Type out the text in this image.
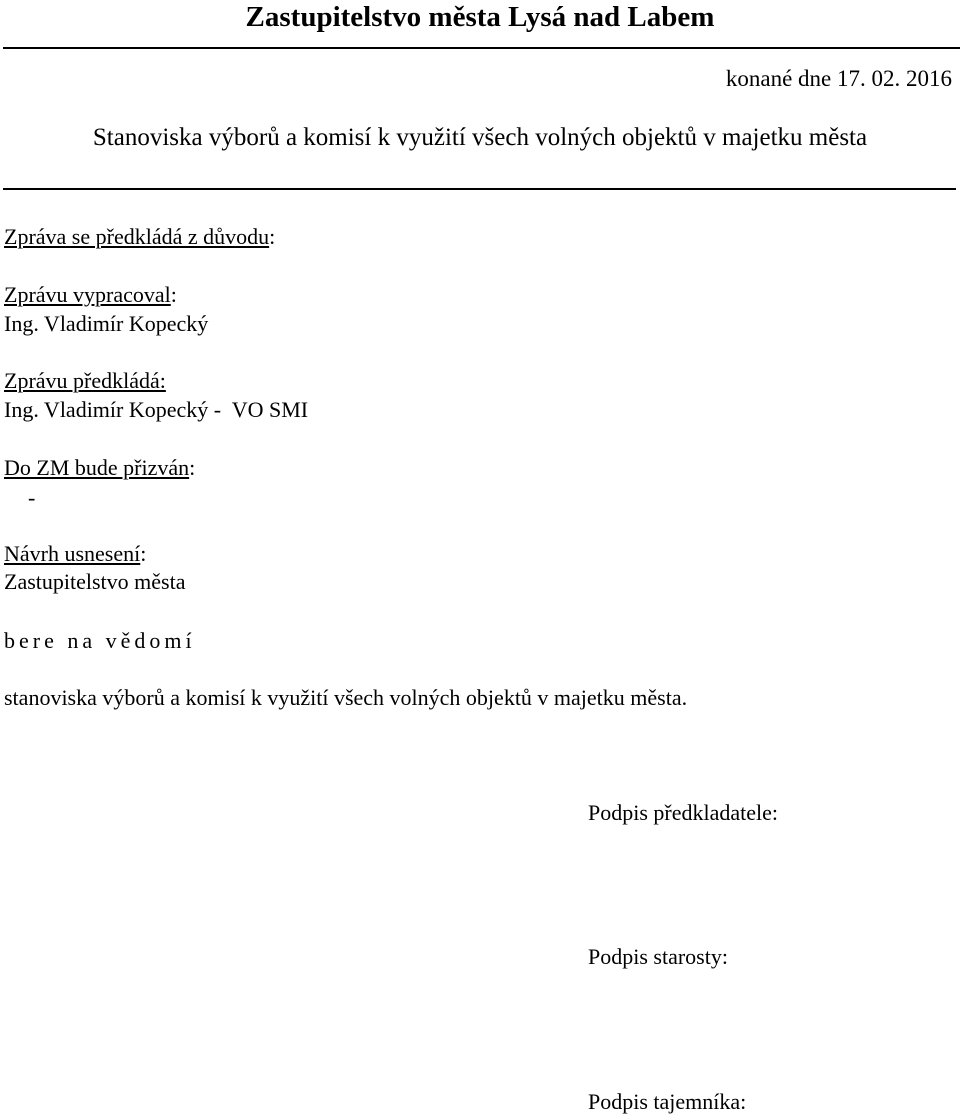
Zastupitelstvo města Lysá nad Labem
konané dne 17. 02. 2016
Stanoviska výborů a komisí k využití všech volných objektů v majetku města
Zpráva se předkládá z důvodu:
Zprávu vypracoval:
Ing. Vladimír Kopecký
Zprávu předkládá:
Ing. Vladimír Kopecký -  VO SMI
Do ZM bude přizván:
-
Návrh usnesení:
Zastupitelstvo města
bere na vědomí
stanoviska výborů a komisí k využití všech volných objektů v majetku města.
Podpis předkladatele:
Podpis starosty:
Podpis tajemníka:
